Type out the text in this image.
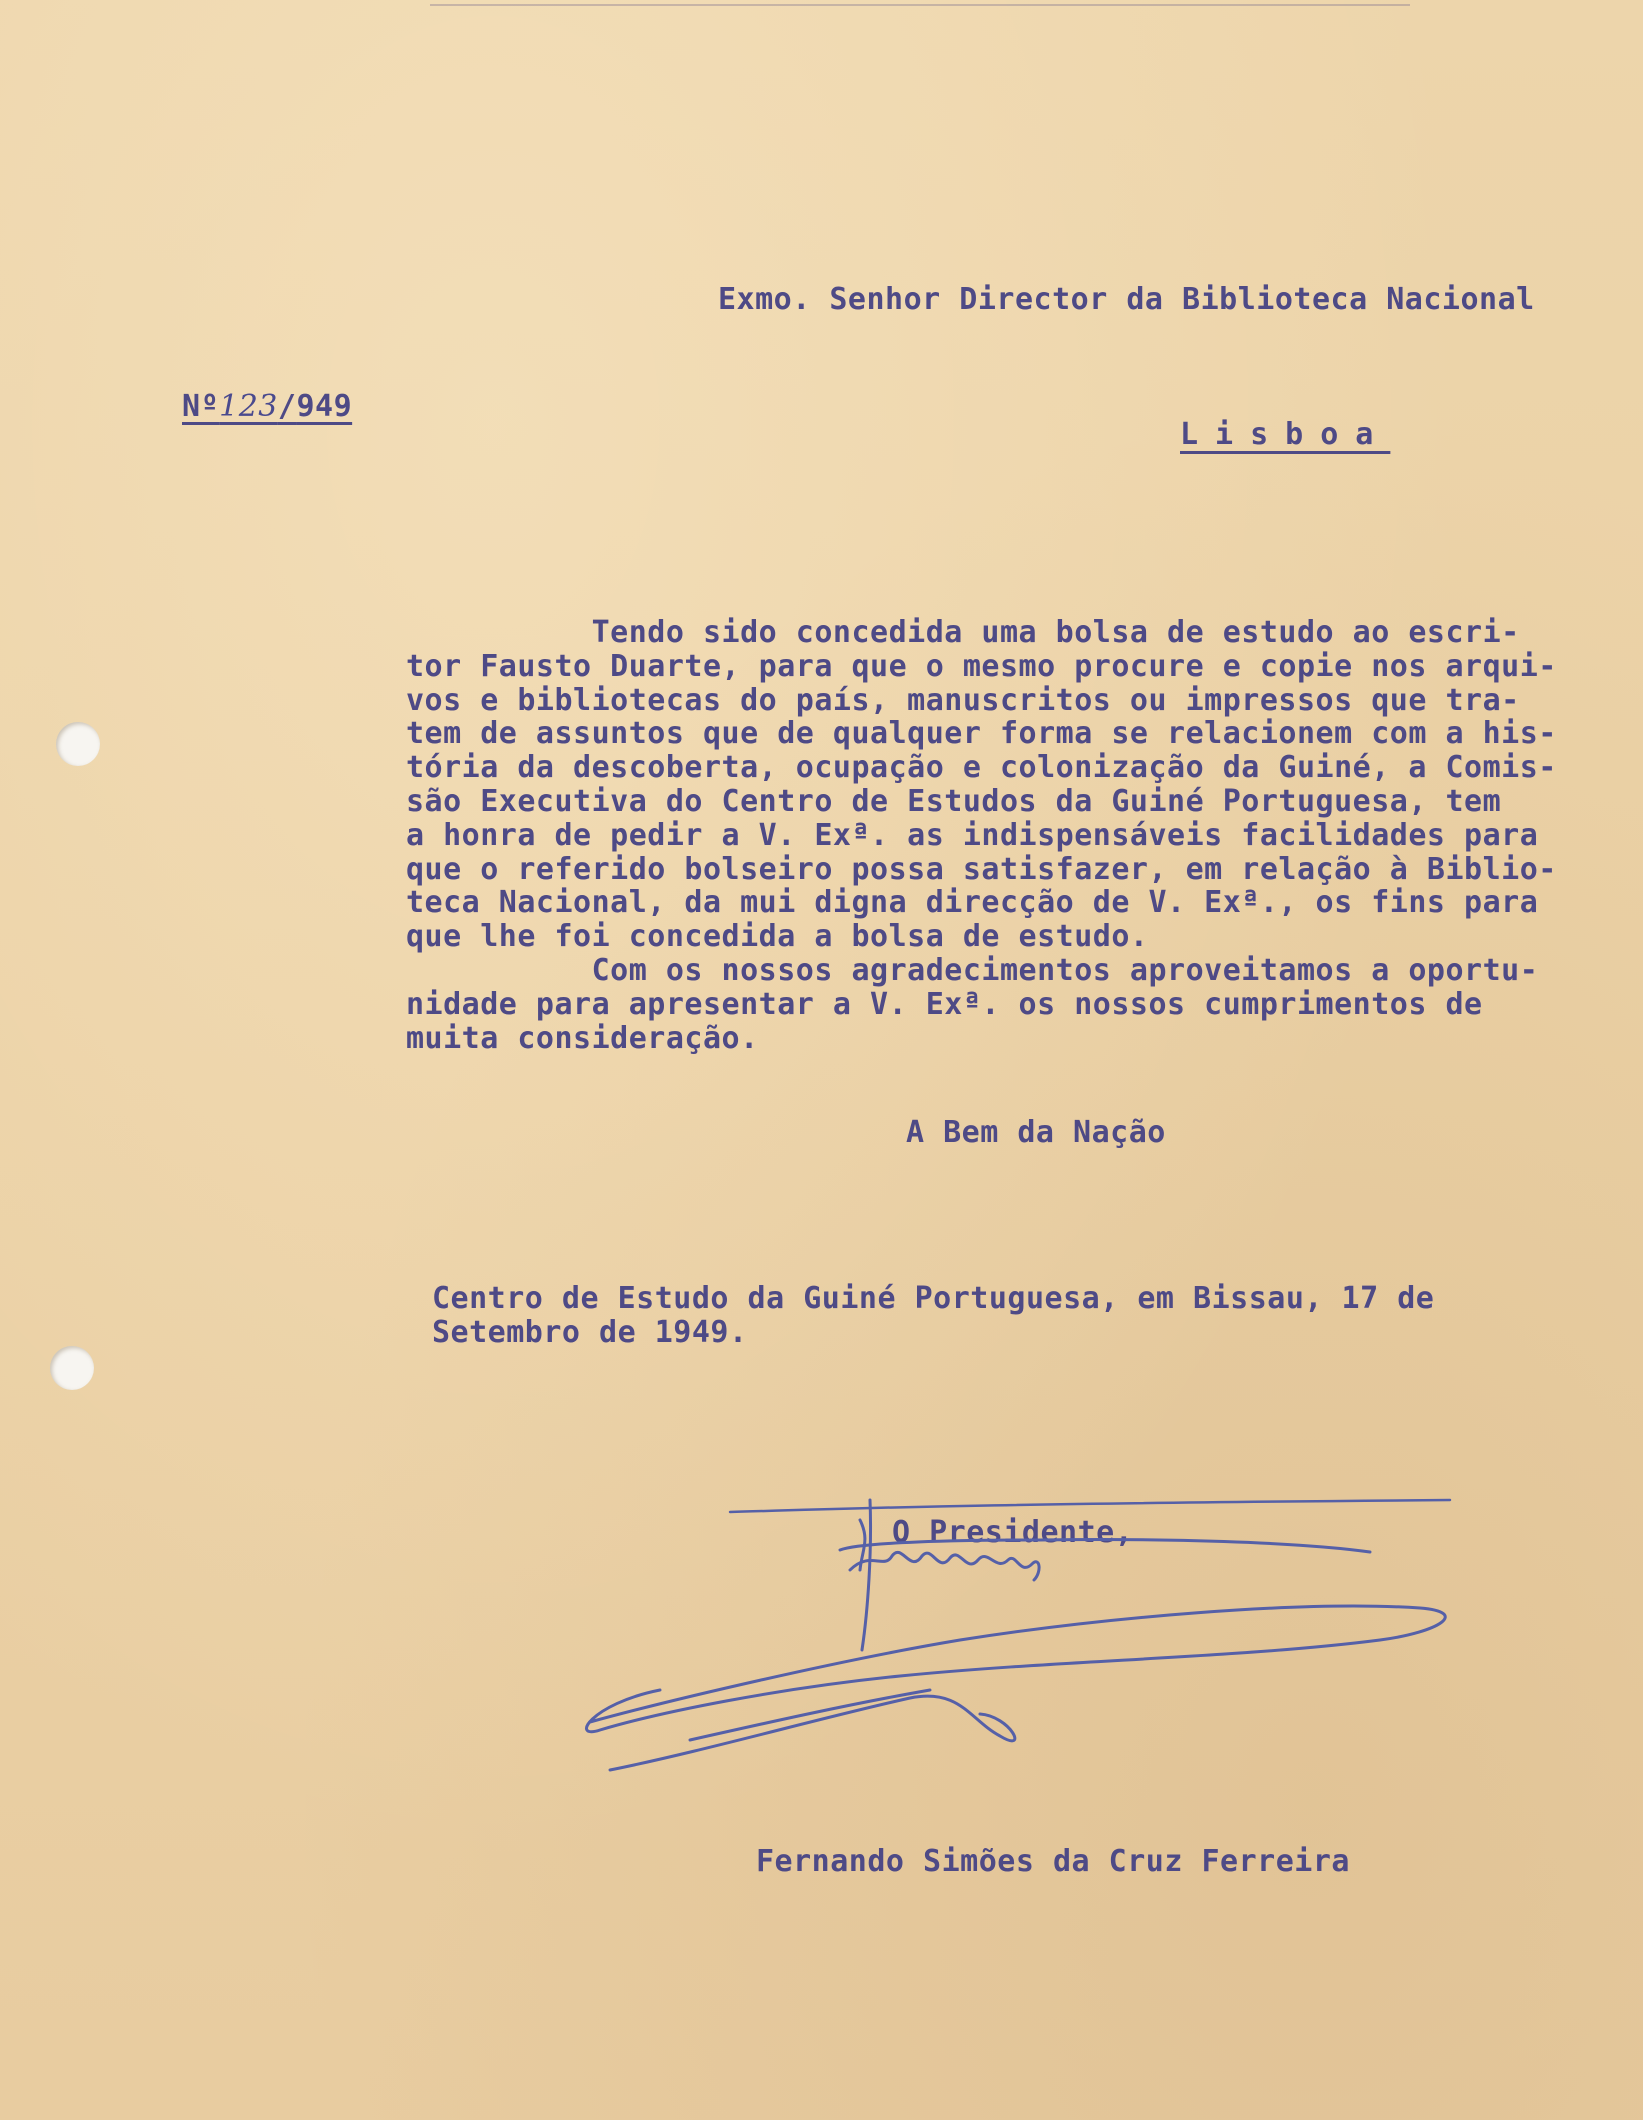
Exmo. Senhor Director da Biblioteca Nacional
Nº123/949
Lisboa
Tendo sido concedida uma bolsa de estudo ao escri-
tor Fausto Duarte, para que o mesmo procure e copie nos arqui-
vos e bibliotecas do país, manuscritos ou impressos que tra-
tem de assuntos que de qualquer forma se relacionem com a his-
tória da descoberta, ocupação e colonização da Guiné, a Comis-
são Executiva do Centro de Estudos da Guiné Portuguesa, tem
a honra de pedir a V. Exª. as indispensáveis facilidades para
que o referido bolseiro possa satisfazer, em relação à Biblio-
teca Nacional, da mui digna direcção de V. Exª., os fins para
que lhe foi concedida a bolsa de estudo.
Com os nossos agradecimentos aproveitamos a oportu-
nidade para apresentar a V. Exª. os nossos cumprimentos de
muita consideração.
A Bem da Nação
Centro de Estudo da Guiné Portuguesa, em Bissau, 17 de
Setembro de 1949.
O Presidente,
Fernando Simões da Cruz Ferreira
